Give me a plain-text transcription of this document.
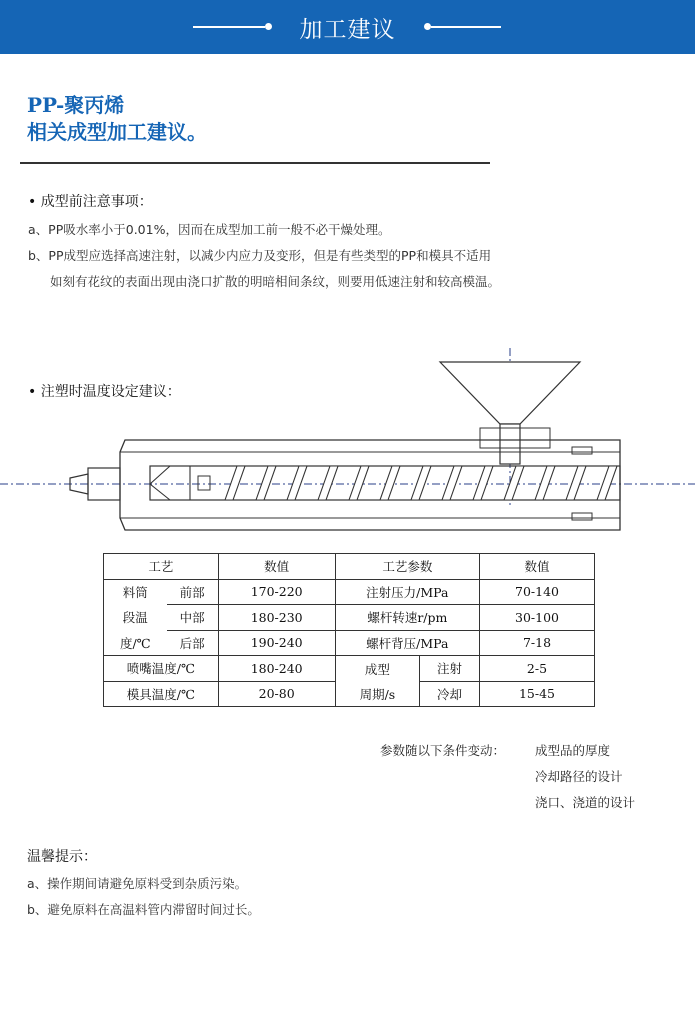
加工建议
PP-聚丙烯
相关成型加工建议。
• 成型前注意事项：
a、PP吸水率小于0.01%，因而在成型加工前一般不必干燥处理。
b、PP成型应选择高速注射，以减少内应力及变形，但是有些类型的PP和模具不适用
如刻有花纹的表面出现由浇口扩散的明暗相间条纹，则要用低速注射和较高模温。
• 注塑时温度设定建议：
工艺		数值	工艺参数		数值
料筒	前部	170-220	注射压力/MPa		70-140
段温	中部	180-230	螺杆转速r/pm		30-100
度/℃	后部	190-240	螺杆背压/MPa		7-18
喷嘴温度/℃		180-240	成型	注射	2-5
模具温度/℃		20-80	周期/s	冷却	15-45
参数随以下条件变动： 成型品的厚度
冷却路径的设计
浇口、浇道的设计
温馨提示：
a、操作期间请避免原料受到杂质污染。
b、避免原料在高温料管内滞留时间过长。
